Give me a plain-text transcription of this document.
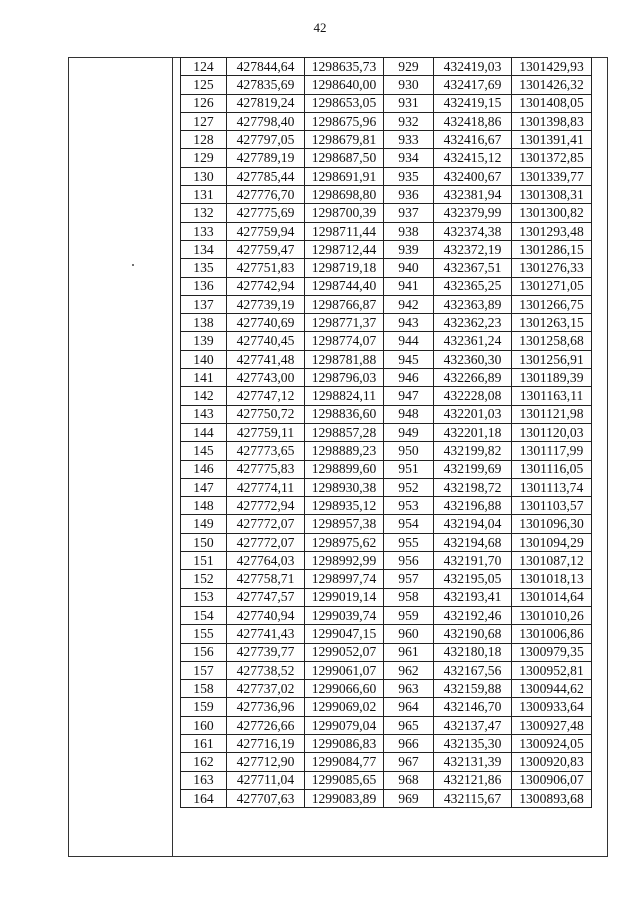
42
124	427844,64	1298635,73	929	432419,03	1301429,93
125	427835,69	1298640,00	930	432417,69	1301426,32
126	427819,24	1298653,05	931	432419,15	1301408,05
127	427798,40	1298675,96	932	432418,86	1301398,83
128	427797,05	1298679,81	933	432416,67	1301391,41
129	427789,19	1298687,50	934	432415,12	1301372,85
130	427785,44	1298691,91	935	432400,67	1301339,77
131	427776,70	1298698,80	936	432381,94	1301308,31
132	427775,69	1298700,39	937	432379,99	1301300,82
133	427759,94	1298711,44	938	432374,38	1301293,48
134	427759,47	1298712,44	939	432372,19	1301286,15
135	427751,83	1298719,18	940	432367,51	1301276,33
136	427742,94	1298744,40	941	432365,25	1301271,05
137	427739,19	1298766,87	942	432363,89	1301266,75
138	427740,69	1298771,37	943	432362,23	1301263,15
139	427740,45	1298774,07	944	432361,24	1301258,68
140	427741,48	1298781,88	945	432360,30	1301256,91
141	427743,00	1298796,03	946	432266,89	1301189,39
142	427747,12	1298824,11	947	432228,08	1301163,11
143	427750,72	1298836,60	948	432201,03	1301121,98
144	427759,11	1298857,28	949	432201,18	1301120,03
145	427773,65	1298889,23	950	432199,82	1301117,99
146	427775,83	1298899,60	951	432199,69	1301116,05
147	427774,11	1298930,38	952	432198,72	1301113,74
148	427772,94	1298935,12	953	432196,88	1301103,57
149	427772,07	1298957,38	954	432194,04	1301096,30
150	427772,07	1298975,62	955	432194,68	1301094,29
151	427764,03	1298992,99	956	432191,70	1301087,12
152	427758,71	1298997,74	957	432195,05	1301018,13
153	427747,57	1299019,14	958	432193,41	1301014,64
154	427740,94	1299039,74	959	432192,46	1301010,26
155	427741,43	1299047,15	960	432190,68	1301006,86
156	427739,77	1299052,07	961	432180,18	1300979,35
157	427738,52	1299061,07	962	432167,56	1300952,81
158	427737,02	1299066,60	963	432159,88	1300944,62
159	427736,96	1299069,02	964	432146,70	1300933,64
160	427726,66	1299079,04	965	432137,47	1300927,48
161	427716,19	1299086,83	966	432135,30	1300924,05
162	427712,90	1299084,77	967	432131,39	1300920,83
163	427711,04	1299085,65	968	432121,86	1300906,07
164	427707,63	1299083,89	969	432115,67	1300893,68
